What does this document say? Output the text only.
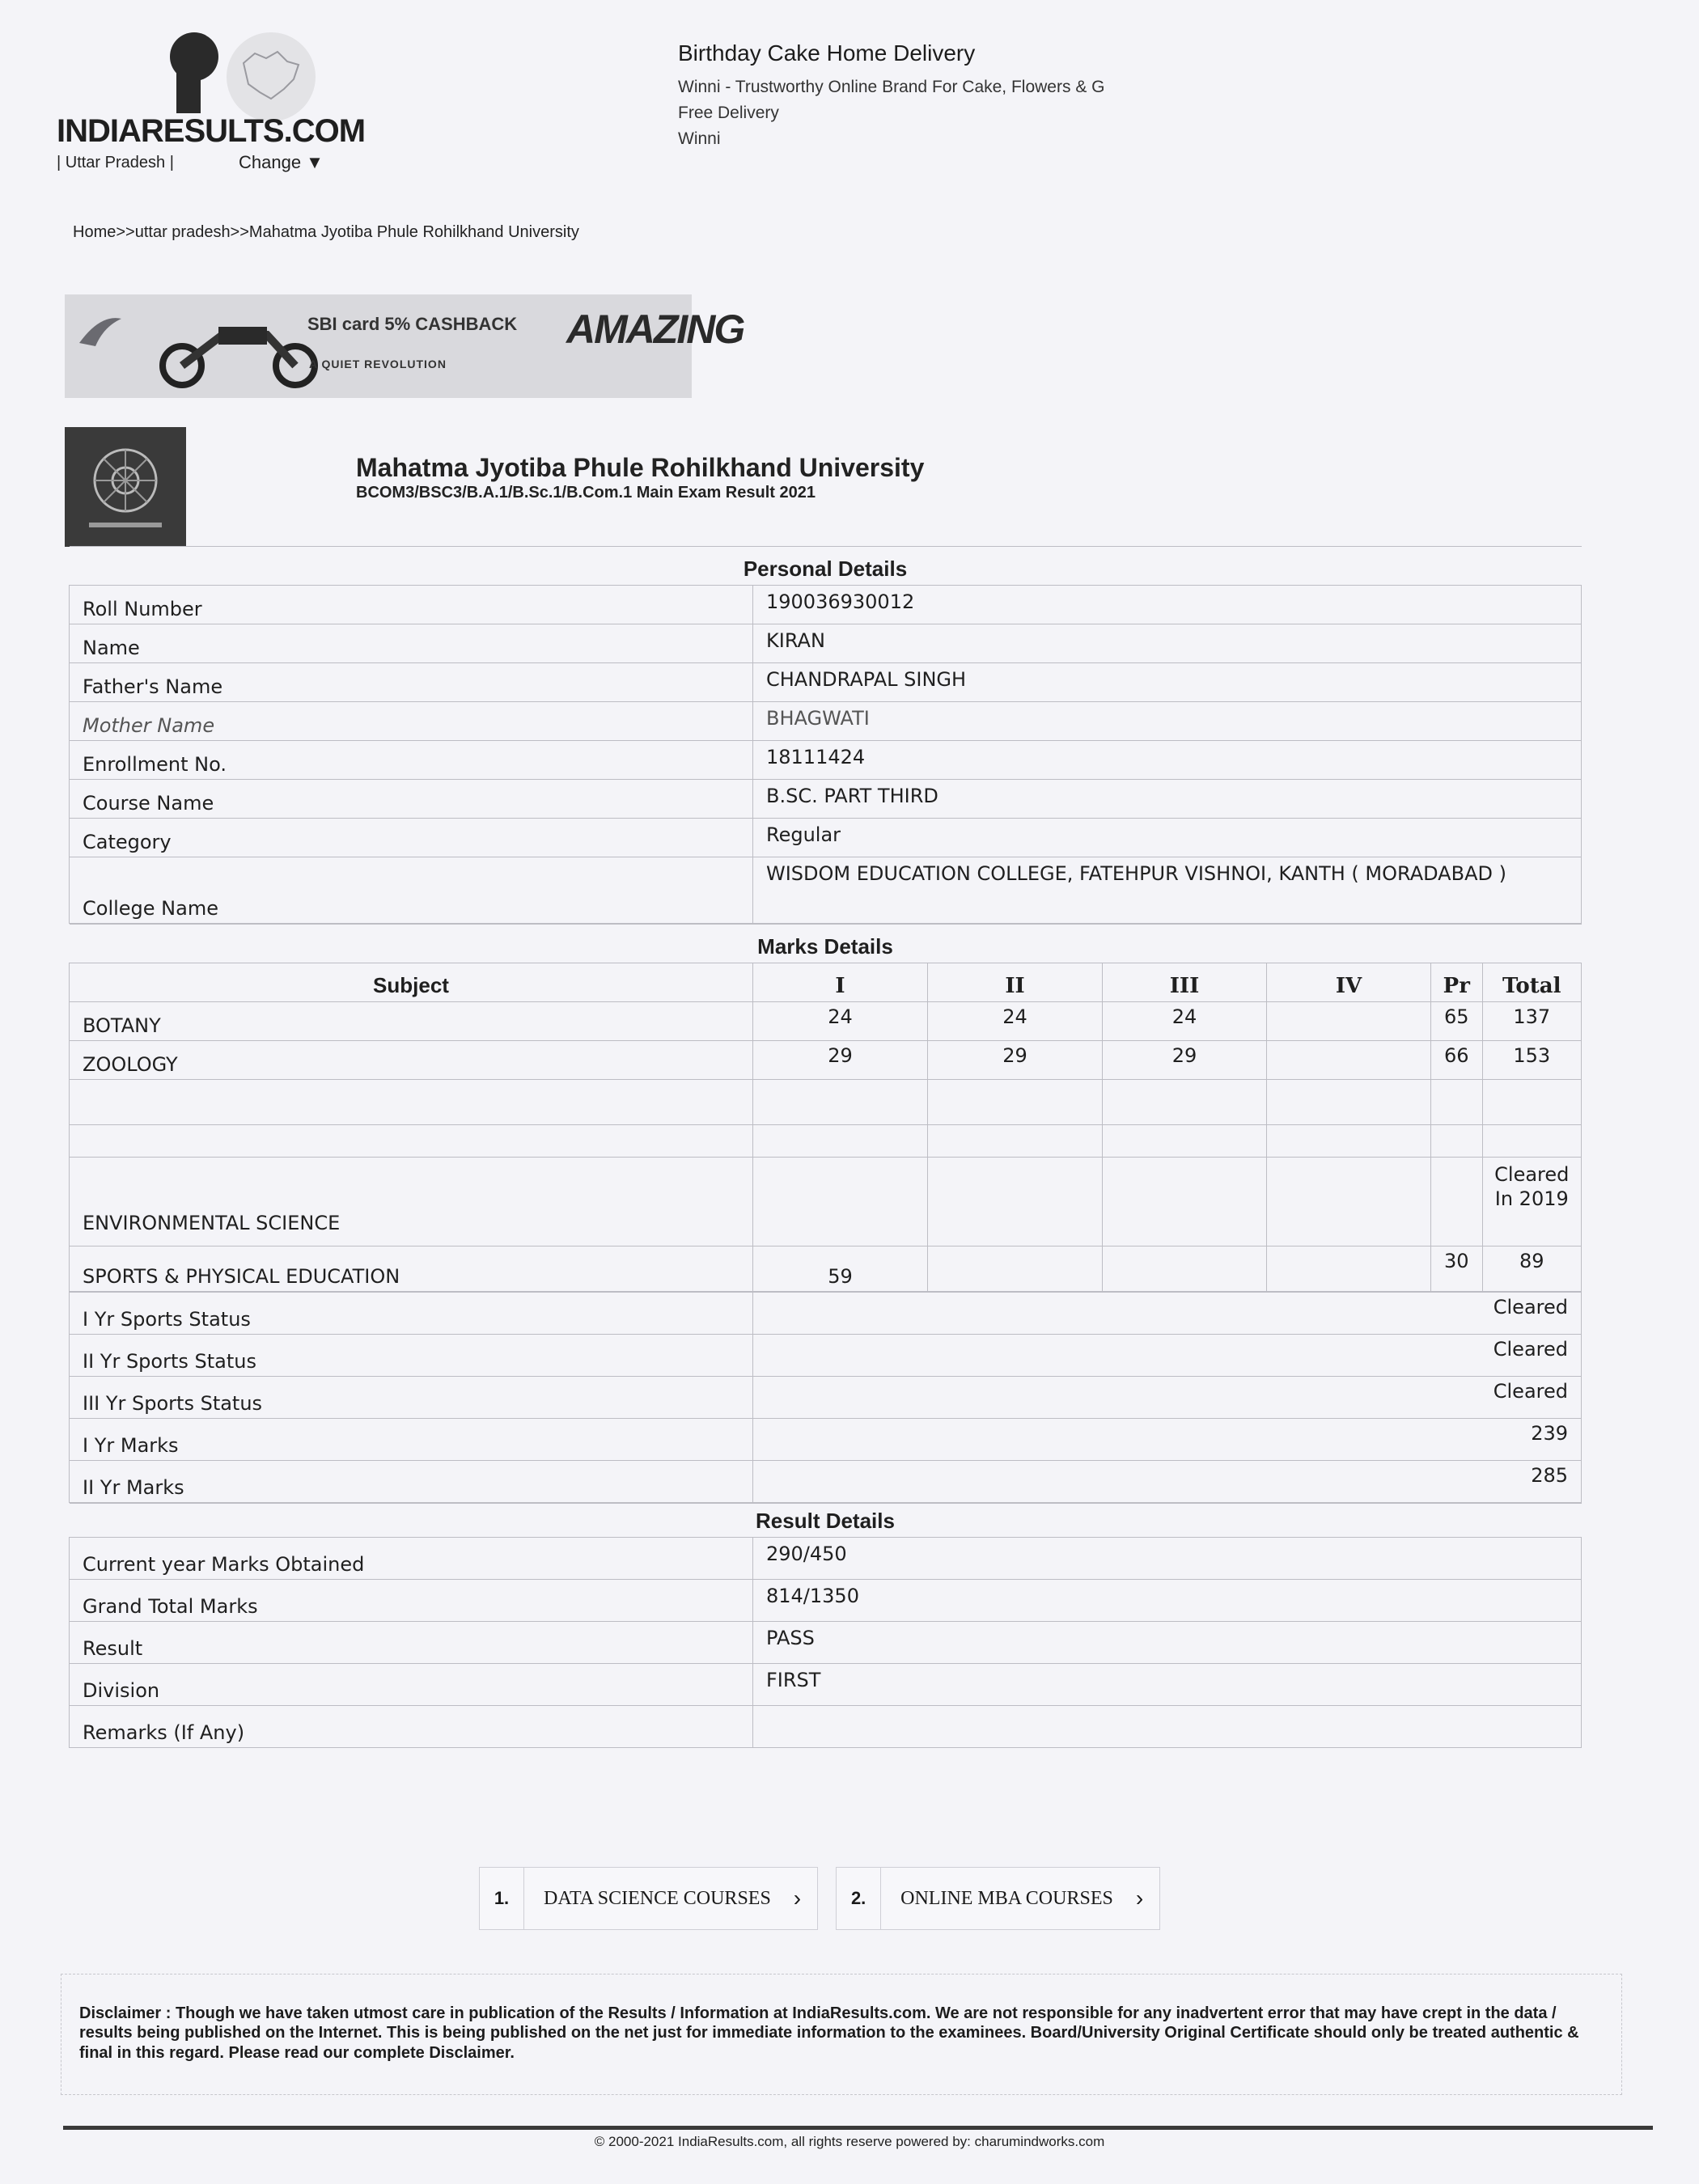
INDIARESULTS.COM
| Uttar Pradesh |	Change ▼
Birthday Cake Home Delivery
Winni - Trustworthy Online Brand For Cake, Flowers & G
Free Delivery
Winni
Home>>uttar pradesh>>Mahatma Jyotiba Phule Rohilkhand University
SBI card 5% CASHBACK
A QUIET REVOLUTION
AMAZING
Mahatma Jyotiba Phule Rohilkhand University
BCOM3/BSC3/B.A.1/B.Sc.1/B.Com.1 Main Exam Result 2021
Personal Details	
Roll Number	190036930012
Name	KIRAN
Father's Name	CHANDRAPAL SINGH
Mother Name	BHAGWATI
Enrollment No.	18111424
Course Name	B.SC. PART THIRD
Category	Regular
College Name	WISDOM EDUCATION COLLEGE, FATEHPUR VISHNOI, KANTH ( MORADABAD )
Marks Details						
Subject	I	II	III	IV	Pr	Total
BOTANY	24	24	24		65	137
ZOOLOGY	29	29	29		66	153

ENVIRONMENTAL SCIENCE						Cleared In 2019
SPORTS & PHYSICAL EDUCATION	59				30	89
I Yr Sports Status	Cleared
II Yr Sports Status	Cleared
III Yr Sports Status	Cleared
I Yr Marks	239
II Yr Marks	285
Result Details	
Current year Marks Obtained	290/450
Grand Total Marks	814/1350
Result	PASS
Division	FIRST
Remarks (If Any)	
1.	DATA SCIENCE COURSES	›	2.	ONLINE MBA COURSES	›
Disclaimer : Though we have taken utmost care in publication of the Results / Information at IndiaResults.com. We are not responsible for any inadvertent error that may have crept in the data / results being published on the Internet. This is being published on the net just for immediate information to the examinees. Board/University Original Certificate should only be treated authentic & final in this regard. Please read our complete Disclaimer.
© 2000-2021 IndiaResults.com, all rights reserve powered by: charumindworks.com
